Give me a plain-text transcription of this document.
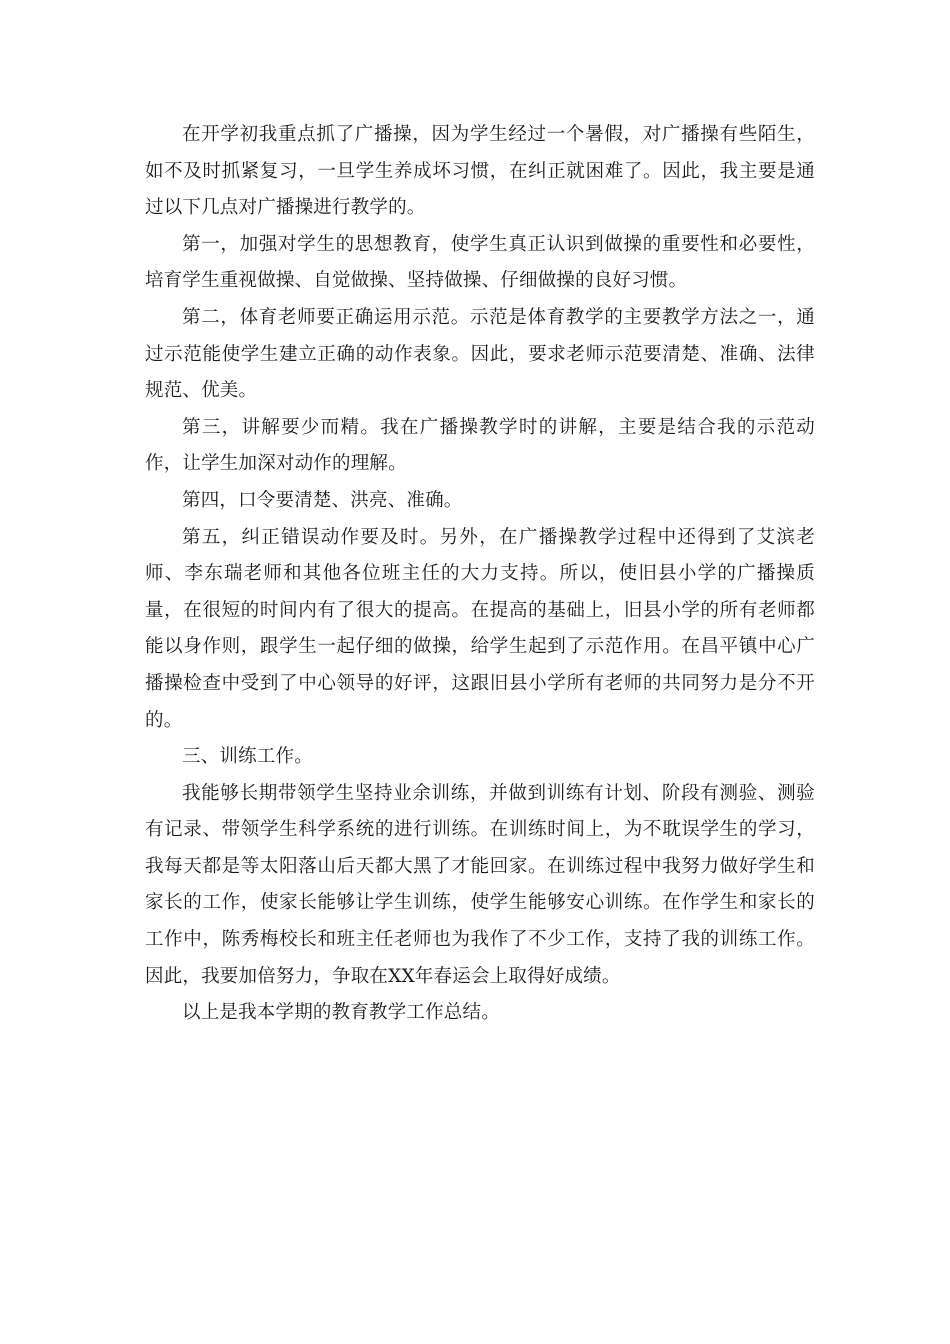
在开学初我重点抓了广播操，因为学生经过一个暑假，对广播操有些陌生，如不及时抓紧复习，一旦学生养成坏习惯，在纠正就困难了。因此，我主要是通过以下几点对广播操进行教学的。

第一，加强对学生的思想教育，使学生真正认识到做操的重要性和必要性，培育学生重视做操、自觉做操、坚持做操、仔细做操的良好习惯。

第二，体育老师要正确运用示范。示范是体育教学的主要教学方法之一，通过示范能使学生建立正确的动作表象。因此，要求老师示范要清楚、准确、法律规范、优美。

第三，讲解要少而精。我在广播操教学时的讲解，主要是结合我的示范动作，让学生加深对动作的理解。

第四，口令要清楚、洪亮、准确。

第五，纠正错误动作要及时。另外，在广播操教学过程中还得到了艾滨老师、李东瑞老师和其他各位班主任的大力支持。所以，使旧县小学的广播操质量，在很短的时间内有了很大的提高。在提高的基础上，旧县小学的所有老师都能以身作则，跟学生一起仔细的做操，给学生起到了示范作用。在昌平镇中心广播操检查中受到了中心领导的好评，这跟旧县小学所有老师的共同努力是分不开的。

三、训练工作。

我能够长期带领学生坚持业余训练，并做到训练有计划、阶段有测验、测验有记录、带领学生科学系统的进行训练。在训练时间上，为不耽误学生的学习，我每天都是等太阳落山后天都大黑了才能回家。在训练过程中我努力做好学生和家长的工作，使家长能够让学生训练，使学生能够安心训练。在作学生和家长的工作中，陈秀梅校长和班主任老师也为我作了不少工作，支持了我的训练工作。因此，我要加倍努力，争取在XX年春运会上取得好成绩。

以上是我本学期的教育教学工作总结。
